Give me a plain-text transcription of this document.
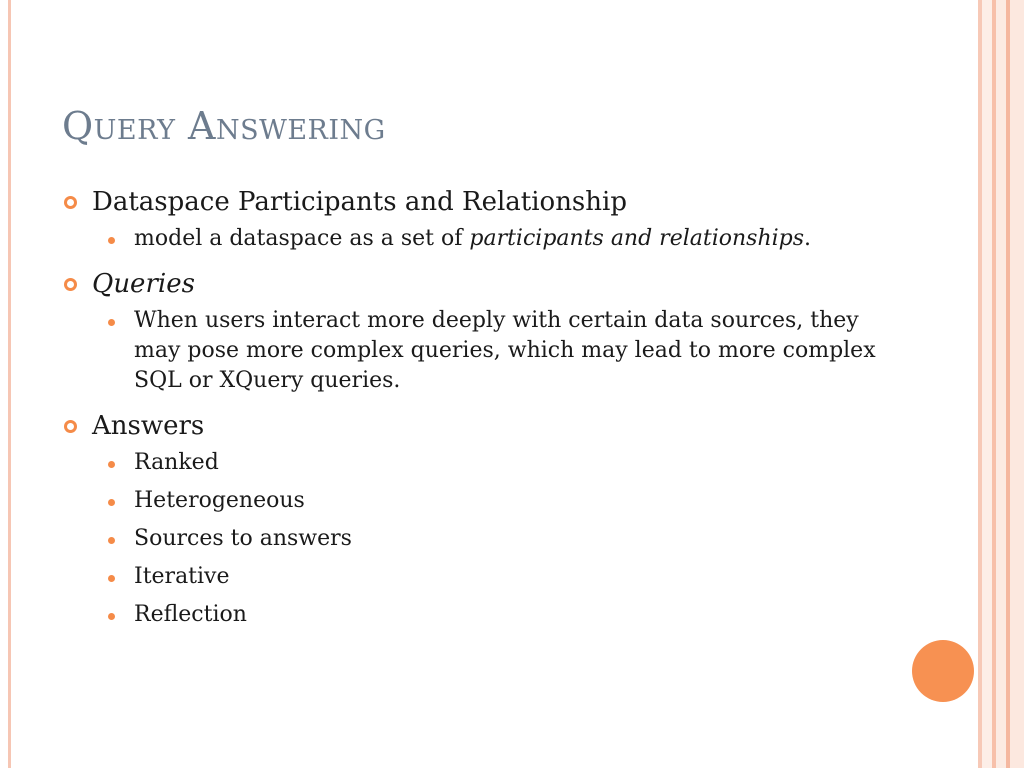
Query Answering
Dataspace Participants and Relationship
model a dataspace as a set of participants and relationships.
Queries
When users interact more deeply with certain data sources, they may pose more complex queries, which may lead to more complex SQL or XQuery queries.
Answers
Ranked
Heterogeneous
Sources to answers
Iterative
Reflection
